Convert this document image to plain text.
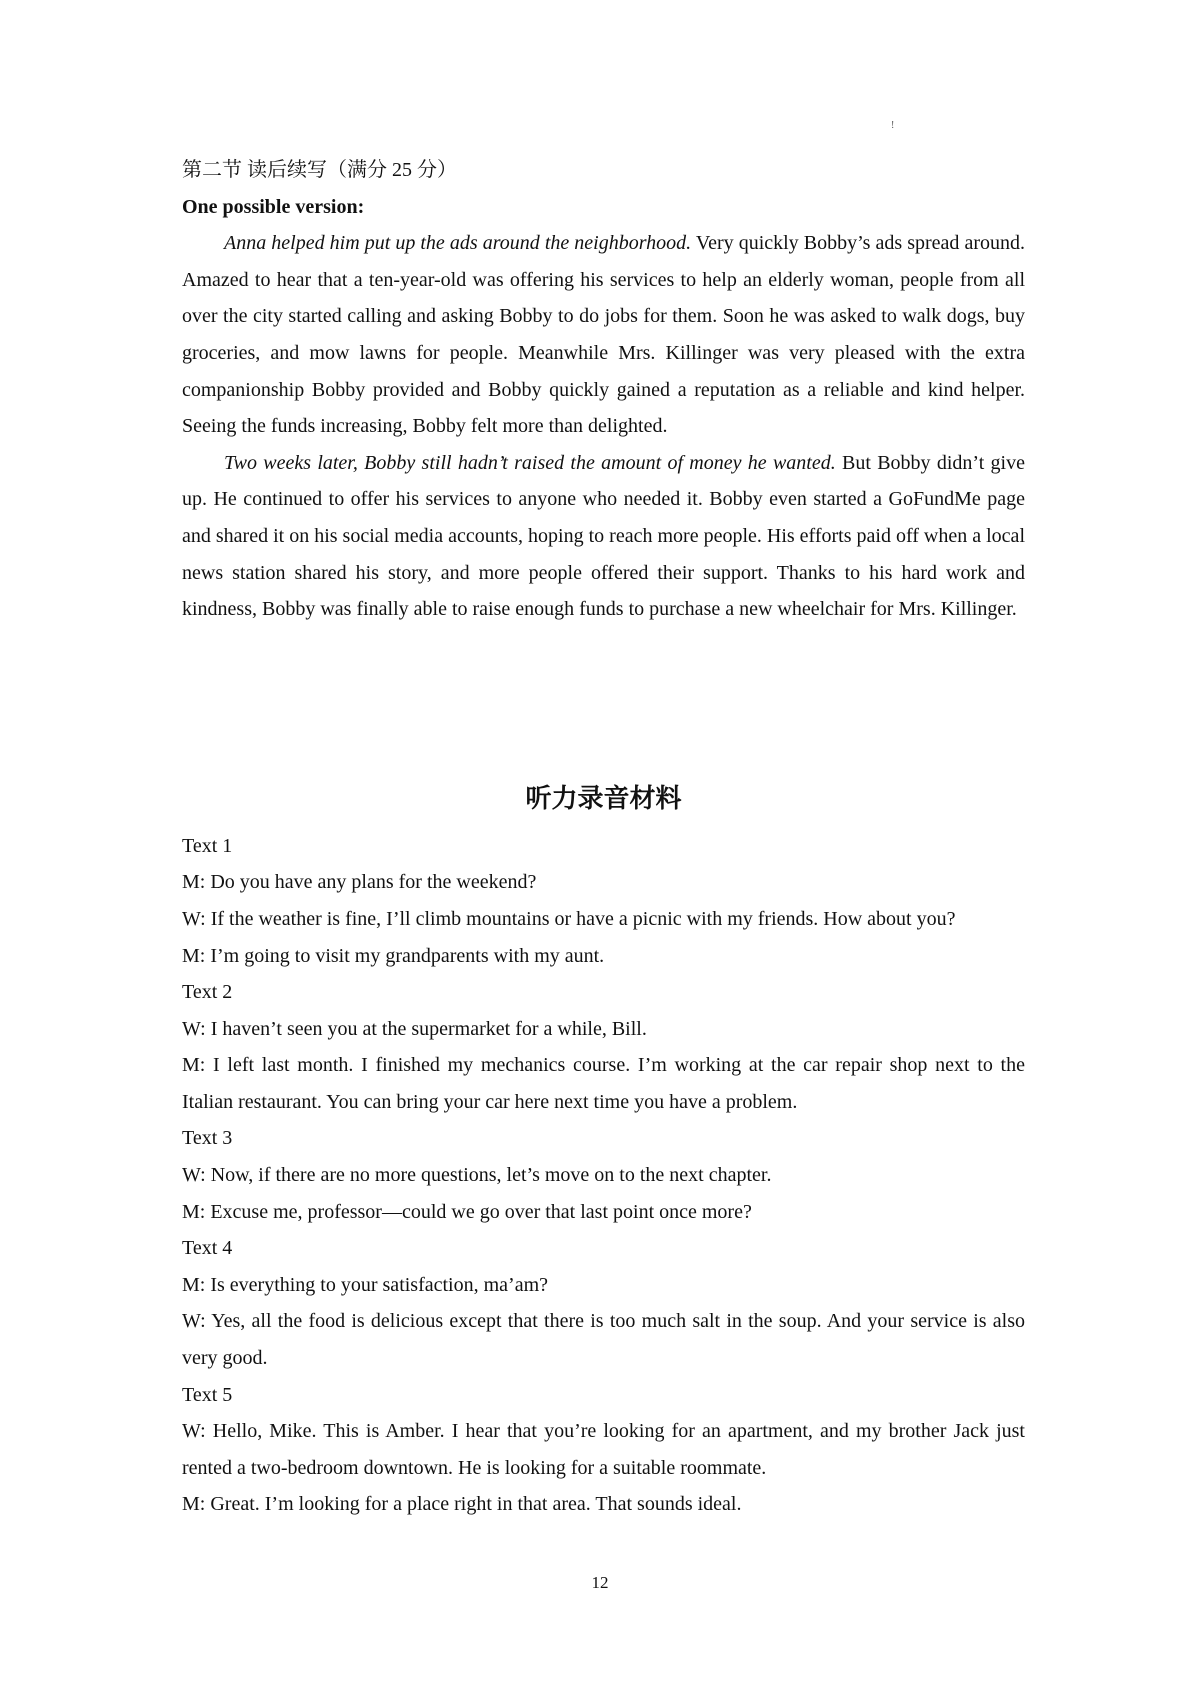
!

第二节 读后续写（满分 25 分）

One possible version:

Anna helped him put up the ads around the neighborhood. Very quickly Bobby’s ads spread around. Amazed to hear that a ten-year-old was offering his services to help an elderly woman, people from all over the city started calling and asking Bobby to do jobs for them. Soon he was asked to walk dogs, buy groceries, and mow lawns for people. Meanwhile Mrs. Killinger was very pleased with the extra companionship Bobby provided and Bobby quickly gained a reputation as a reliable and kind helper. Seeing the funds increasing, Bobby felt more than delighted.

Two weeks later, Bobby still hadn’t raised the amount of money he wanted. But Bobby didn’t give up. He continued to offer his services to anyone who needed it. Bobby even started a GoFundMe page and shared it on his social media accounts, hoping to reach more people. His efforts paid off when a local news station shared his story, and more people offered their support. Thanks to his hard work and kindness, Bobby was finally able to raise enough funds to purchase a new wheelchair for Mrs. Killinger.

听力录音材料

Text 1

M: Do you have any plans for the weekend?

W: If the weather is fine, I’ll climb mountains or have a picnic with my friends. How about you?

M: I’m going to visit my grandparents with my aunt.

Text 2

W: I haven’t seen you at the supermarket for a while, Bill.

M: I left last month. I finished my mechanics course. I’m working at the car repair shop next to the Italian restaurant. You can bring your car here next time you have a problem.

Text 3

W: Now, if there are no more questions, let’s move on to the next chapter.

M: Excuse me, professor—could we go over that last point once more?

Text 4

M: Is everything to your satisfaction, ma’am?

W: Yes, all the food is delicious except that there is too much salt in the soup. And your service is also very good.

Text 5

W: Hello, Mike. This is Amber. I hear that you’re looking for an apartment, and my brother Jack just rented a two-bedroom downtown. He is looking for a suitable roommate.

M: Great. I’m looking for a place right in that area. That sounds ideal.

12
